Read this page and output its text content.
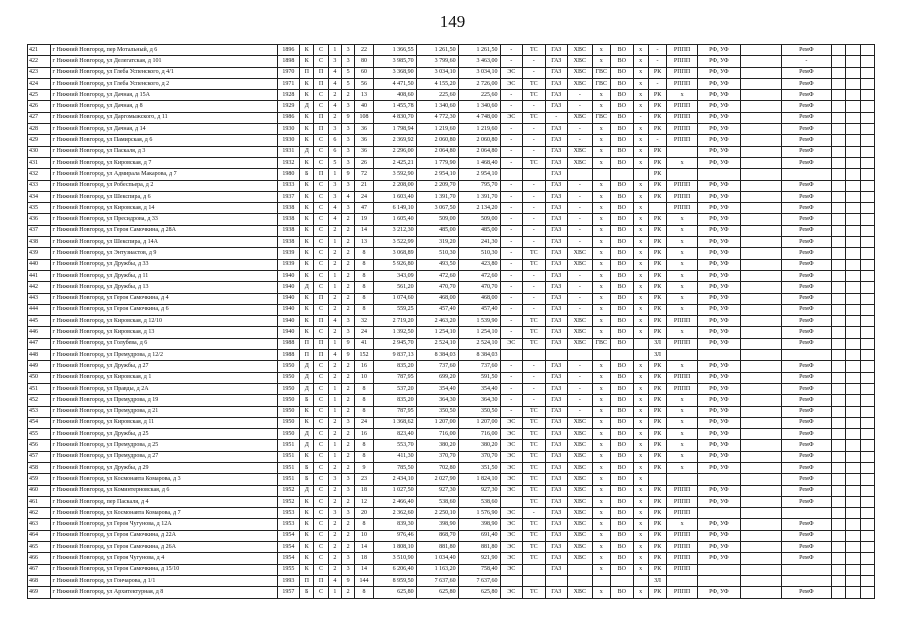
149
421	г Нижний Новгород, пер Мотальный, д 6	1896	К	С	1	3	22	1 366,55	1 261,50	1 261,50	-	ТС	ГАЗ	ХВС	х	ВО	х	-	РППП	РФ, УФ		РемФ			
422	г Нижний Новгород, ул Делегатская, д 101	1898	К	С	3	3	80	3 985,70	3 799,60	3 463,00	-	-	ГАЗ	ХВС	х	ВО	х	-	РППП	РФ, УФ		-			
423	г Нижний Новгород, ул Глеба Успенского, д 4/1	1970	П	П	4	5	60	3 368,90	3 034,10	3 034,10	ЭС	-	ГАЗ	ХВС	ГВС	ВО	х	РК	РППП	РФ, УФ		РемФ			
424	г Нижний Новгород, ул Глеба Успенского, д 2	1971	К	П	4	5	56	4 471,50	4 155,20	2 726,00	ЭС	ТС	ГАЗ	ХВС	ГВС	ВО	х	-	РППП	РФ, УФ		РемФ			
425	г Нижний Новгород, ул Дачная, д 15А	1928	К	С	2	2	13	408,60	225,60	225,60	-	ТС	ГАЗ	-	х	ВО	х	РК	х	РФ, УФ		РемФ			
426	г Нижний Новгород, ул Дачная, д 8	1929	Д	С	4	3	40	1 455,78	1 340,60	1 340,60	-	-	ГАЗ	-	х	ВО	х	РК	РППП	РФ, УФ		РемФ			
427	г Нижний Новгород, ул Даргомыжского, д 11	1986	К	П	2	9	108	4 830,70	4 772,30	4 748,00	ЭС	ТС	-	ХВС	ГВС	ВО	-	РК	РППП	РФ, УФ		РемФ			
428	г Нижний Новгород, ул Дачная, д 14	1930	К	П	3	3	36	1 798,94	1 219,60	1 219,60	-	-	ГАЗ	-	х	ВО	х	РК	РППП	РФ, УФ		РемФ			
429	г Нижний Новгород, ул Памирская, д 6	1930	К	С	6	3	36	2 369,92	2 060,80	2 060,80	-	-	ГАЗ	-	х	ВО	х	-	РППП	РФ, УФ		РемФ			
430	г Нижний Новгород, ул Паскаля, д 3	1931	Д	С	6	3	36	2 296,00	2 064,80	2 064,80	-	-	ГАЗ	ХВС	х	ВО	х	РК		РФ, УФ		РемФ			
431	г Нижний Новгород, ул Кировская, д 7	1932	К	С	5	3	26	2 425,21	1 779,90	1 468,40	-	ТС	ГАЗ	ХВС	х	ВО	х	РК	х	РФ, УФ		РемФ			
432	г Нижний Новгород, ул Адмирала Макарова, д 7	1980	Б	П	1	9	72	3 592,90	2 954,10	2 954,10			ГАЗ					РК							
433	г Нижний Новгород, ул Робеспьера, д 2	1933	К	С	3	3	21	2 208,00	2 209,70	795,70	-	-	ГАЗ	-	х	ВО	х	РК	РППП	РФ, УФ		РемФ			
434	г Нижний Новгород, ул Шекспира, д 6	1937	К	С	3	4	24	1 603,40	1 391,70	1 391,70	-	-	ГАЗ	-	х	ВО	х	РК	РППП	РФ, УФ		РемФ			
435	г Нижний Новгород, ул Кировская, д 14	1938	К	С	4	3	47	6 149,10	3 067,50	2 134,20	-	-	ГАЗ	-	х	ВО	х		РППП	РФ, УФ		РемФ			
436	г Нижний Новгород, ул Пресидрова, д 33	1938	К	С	4	2	19	1 605,40	509,00	509,00	-	-	ГАЗ	-	х	ВО	х	РК	х	РФ, УФ		РемФ			
437	г Нижний Новгород, ул Героя Самочкина, д 28А	1938	К	С	2	2	14	3 212,30	485,00	485,00	-	-	ГАЗ	-	х	ВО	х	РК	х	РФ, УФ		РемФ			
438	г Нижний Новгород, ул Шекспира, д 14А	1938	К	С	1	2	13	3 522,99	319,20	241,30	-	-	ГАЗ	-	х	ВО	х	РК	х	РФ, УФ		РемФ			
439	г Нижний Новгород, ул Энтузиастов, д 9	1939	К	С	2	2	8	3 068,89	510,30	510,30	-	ТС	ГАЗ	ХВС	х	ВО	х	РК	х	РФ, УФ		РемФ			
440	г Нижний Новгород, ул Дружбы, д 33	1939	К	С	2	2	8	5 926,80	493,50	423,80	-	ТС	ГАЗ	ХВС	х	ВО	х	РК	х	РФ, УФ		РемФ			
441	г Нижний Новгород, ул Дружбы, д 11	1940	К	С	1	2	8	343,09	472,60	472,60	-	-	ГАЗ	-	х	ВО	х	РК	х	РФ, УФ		РемФ			
442	г Нижний Новгород, ул Дружбы, д 13	1940	Д	С	1	2	8	561,20	470,70	470,70	-	-	ГАЗ	-	х	ВО	х	РК	х	РФ, УФ		РемФ			
443	г Нижний Новгород, ул Героя Самочкина, д 4	1940	К	П	2	2	8	1 074,60	468,00	468,00	-	-	ГАЗ	-	х	ВО	х	РК	х	РФ, УФ		РемФ			
444	г Нижний Новгород, ул Героя Самочкина, д 6	1940	К	С	2	2	8	559,25	457,40	457,40	-	-	ГАЗ	-	х	ВО	х	РК	х	РФ, УФ		РемФ			
445	г Нижний Новгород, ул Кировская, д 12/10	1940	К	П	4	3	32	2 719,20	2 463,20	1 539,90	-	ТС	ГАЗ	ХВС	х	ВО	х	РК	РППП	РФ, УФ		РемФ			
446	г Нижний Новгород, ул Кировская, д 13	1940	К	С	2	3	24	1 392,50	1 254,10	1 254,10	-	ТС	ГАЗ	ХВС	х	ВО	х	РК	х	РФ, УФ		РемФ			
447	г Нижний Новгород, ул Голубева, д 6	1988	П	П	1	9	41	2 945,70	2 524,10	2 524,10	ЭС	ТС	ГАЗ	ХВС	ГВС	ВО		ЗЛ	РППП	РФ, УФ		РемФ			
448	г Нижний Новгород, ул Премудрова, д 12/2	1988	П	П	4	9	152	9 837,13	8 384,03	8 384,03								ЗЛ							
449	г Нижний Новгород, ул Дружбы, д 27	1950	Д	С	2	2	16	835,20	737,60	737,60	-	-	ГАЗ	-	х	ВО	х	РК	х	РФ, УФ		РемФ			
450	г Нижний Новгород, ул Кировская, д 1	1950	Д	С	2	2	10	787,95	699,20	591,50	-	-	ГАЗ	-	х	ВО	х	РК	РППП	РФ, УФ		РемФ			
451	г Нижний Новгород, ул Правды, д 2А	1950	Д	С	1	2	8	537,20	354,40	354,40	-	-	ГАЗ	-	х	ВО	х	РК	РППП	РФ, УФ		РемФ			
452	г Нижний Новгород, ул Премудрова, д 19	1950	Б	С	1	2	8	835,20	364,30	364,30	-	-	ГАЗ	-	х	ВО	х	РК	х	РФ, УФ		РемФ			
453	г Нижний Новгород, ул Премудрова, д 21	1950	К	С	1	2	8	787,95	350,50	350,50	-	ТС	ГАЗ	-	х	ВО	х	РК	х	РФ, УФ		РемФ			
454	г Нижний Новгород, ул Кировская, д 11	1950	К	С	2	3	24	1 368,62	1 207,00	1 207,00	ЭС	ТС	ГАЗ	ХВС	х	ВО	х	РК	х	РФ, УФ		РемФ			
455	г Нижний Новгород, ул Дружбы, д 25	1950	Д	С	2	2	16	823,40	716,00	716,00	ЭС	ТС	ГАЗ	ХВС	х	ВО	х	РК	х	РФ, УФ		РемФ			
456	г Нижний Новгород, ул Премудрова, д 25	1951	Д	С	1	2	8	553,70	380,20	380,20	ЭС	ТС	ГАЗ	ХВС	х	ВО	х	РК	х	РФ, УФ		РемФ			
457	г Нижний Новгород, ул Премудрова, д 27	1951	К	С	1	2	8	411,30	370,70	370,70	ЭС	ТС	ГАЗ	ХВС	х	ВО	х	РК	х	РФ, УФ		РемФ			
458	г Нижний Новгород, ул Дружбы, д 29	1951	Б	С	2	2	9	785,50	702,80	351,50	ЭС	ТС	ГАЗ	ХВС	х	ВО	х	РК	х	РФ, УФ		РемФ			
459	г Нижний Новгород, ул Космонавта Комарова, д 3	1951	Б	С	3	3	23	2 434,10	2 027,90	1 824,10	ЭС	ТС	ГАЗ	ХВС	х	ВО	х					РемФ			
460	г Нижний Новгород, ул Коминтерновская, д 6	1952	Д	С	2	3	18	1 027,50	927,30	927,30	ЭС	ТС	ГАЗ	ХВС	х	ВО	х	РК	РППП	РФ, УФ		РемФ			
461	г Нижний Новгород, пер Паскаля, д 4	1952	К	С	2	2	12	2 466,40	538,60	538,60		ТС	ГАЗ	ХВС	х	ВО	х	РК	РППП	РФ, УФ		РемФ			
462	г Нижний Новгород, ул Космонавта Комарова, д 7	1953	К	С	3	3	20	2 362,60	2 250,10	1 576,90	ЭС	-	ГАЗ	ХВС	х	ВО	х	РК	РППП						
463	г Нижний Новгород, ул Героя Чугунова, д 12А	1953	К	С	2	2	8	839,30	398,90	398,90	ЭС	ТС	ГАЗ	ХВС	х	ВО	х	РК	х	РФ, УФ		РемФ			
464	г Нижний Новгород, ул Героя Самочкина, д 22А	1954	К	С	2	2	10	976,46	868,70	691,40	ЭС	ТС	ГАЗ	ХВС	х	ВО	х	РК	РППП	РФ, УФ		РемФ			
465	г Нижний Новгород, ул Героя Самочкина, д 26А	1954	К	С	2	2	14	1 808,10	881,80	881,80	ЭС	ТС	ГАЗ	ХВС	х	ВО	х	РК	РППП	РФ, УФ		РемФ			
466	г Нижний Новгород, ул Героя Чугунова, д 4	1954	К	С	2	3	18	3 510,90	1 034,40	921,90	ЭС	ТС	ГАЗ	ХВС	х	ВО	х	РК	РППП	РФ, УФ		РемФ			
467	г Нижний Новгород, ул Героя Самочкина, д 15/10	1955	К	С	2	3	14	6 206,40	1 163,20	758,40	ЭС		ГАЗ		х	ВО	х	РК	РППП						
468	г Нижний Новгород, ул Гончарова, д 1/1	1993	П	П	4	9	144	8 959,50	7 637,60	7 637,60								ЗЛ							
469	г Нижний Новгород, ул Архитектурная, д 8	1957	Б	С	1	2	8	625,80	625,80	625,80	ЭС	ТС	ГАЗ	ХВС	х	ВО	х	РК	РППП	РФ, УФ		РемФ			
